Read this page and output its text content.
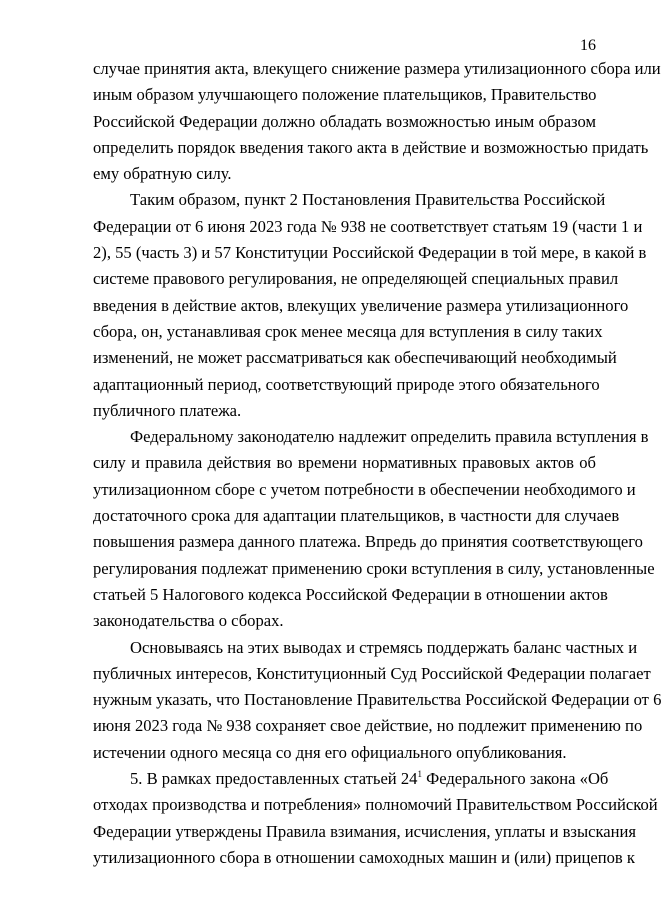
16
случае принятия акта, влекущего снижение размера утилизационного сбора или
иным образом улучшающего положение плательщиков, Правительство
Российской Федерации должно обладать возможностью иным образом
определить порядок введения такого акта в действие и возможностью придать
ему обратную силу.
Таким образом, пункт 2 Постановления Правительства Российской
Федерации от 6 июня 2023 года № 938 не соответствует статьям 19 (части 1 и
2), 55 (часть 3) и 57 Конституции Российской Федерации в той мере, в какой в
системе правового регулирования, не определяющей специальных правил
введения в действие актов, влекущих увеличение размера утилизационного
сбора, он, устанавливая срок менее месяца для вступления в силу таких
изменений, не может рассматриваться как обеспечивающий необходимый
адаптационный период, соответствующий природе этого обязательного
публичного платежа.
Федеральному законодателю надлежит определить правила вступления в
силу и правила действия во времени нормативных правовых актов об
утилизационном сборе с учетом потребности в обеспечении необходимого и
достаточного срока для адаптации плательщиков, в частности для случаев
повышения размера данного платежа. Впредь до принятия соответствующего
регулирования подлежат применению сроки вступления в силу, установленные
статьей 5 Налогового кодекса Российской Федерации в отношении актов
законодательства о сборах.
Основываясь на этих выводах и стремясь поддержать баланс частных и
публичных интересов, Конституционный Суд Российской Федерации полагает
нужным указать, что Постановление Правительства Российской Федерации от 6
июня 2023 года № 938 сохраняет свое действие, но подлежит применению по
истечении одного месяца со дня его официального опубликования.
5. В рамках предоставленных статьей $24^1$ Федерального закона «Об
отходах производства и потребления» полномочий Правительством Российской
Федерации утверждены Правила взимания, исчисления, уплаты и взыскания
утилизационного сбора в отношении самоходных машин и (или) прицепов к
